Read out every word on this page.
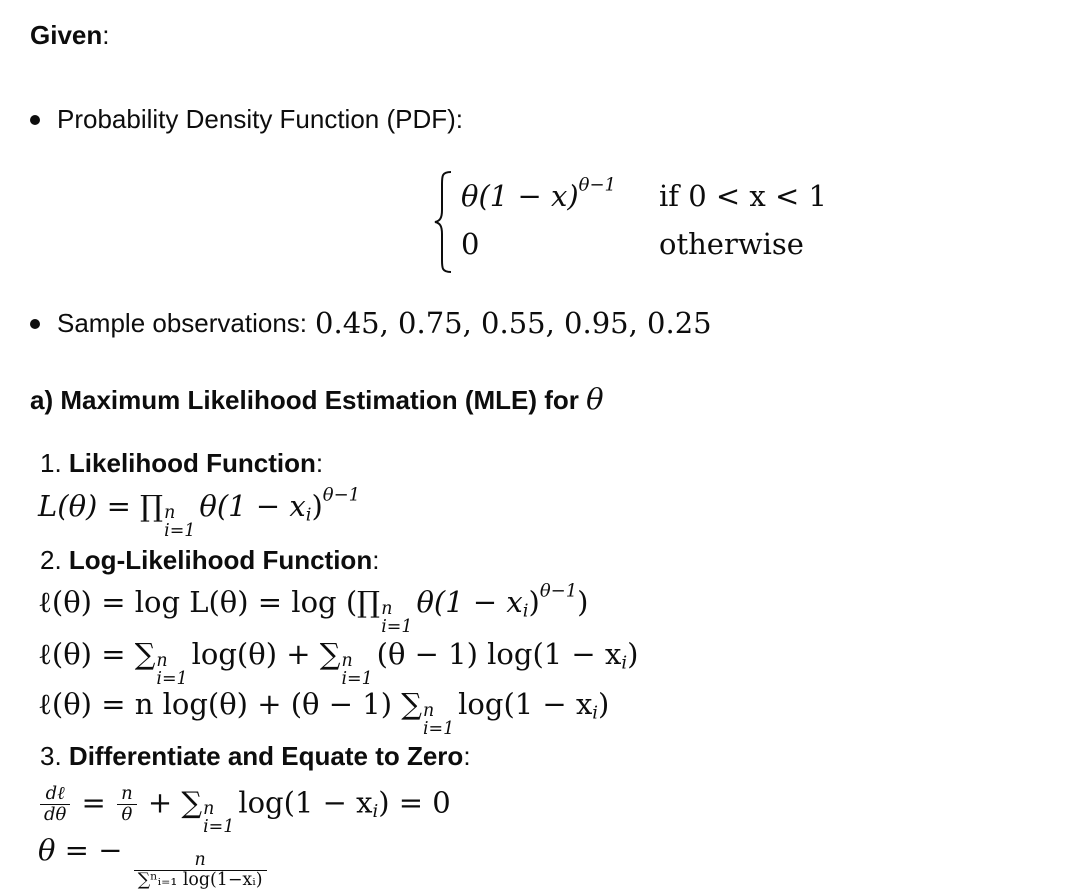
Given:
Probability Density Function (PDF):
$\theta(1 - x)^{\theta-1}$ if 0 < x < 1
0	otherwise
Sample observations: 0.45, 0.75, 0.55, 0.95, 0.25
a) Maximum Likelihood Estimation (MLE) for θ
1. Likelihood Function:
L(θ) = ∏ n
i=1
$\theta(1 - x_i)^{\theta-1}$
2. Log-Likelihood Function:
ℓ(θ) = log L(θ) = log (∏ n
i=1
$\theta(1 - x_i)^{\theta-1}$)
ℓ(θ) = ∑ n
i=1
log(θ) + ∑ n
i=1
(θ − 1) $\log(1 - x_i)$
ℓ(θ) = n log(θ) + (θ − 1) ∑ n
i=1
$\log(1 - x_i)$
3. Differentiate and Equate to Zero:
$\frac{\text{dℓ}}{d\theta} = \frac{n}{\theta}$ + ∑ n
i=1
$\log(1 - x_i) = 0$
θ = −
$\frac{n}{\text{∑ⁿᵢ₌₁ log(1−xᵢ)}}$
